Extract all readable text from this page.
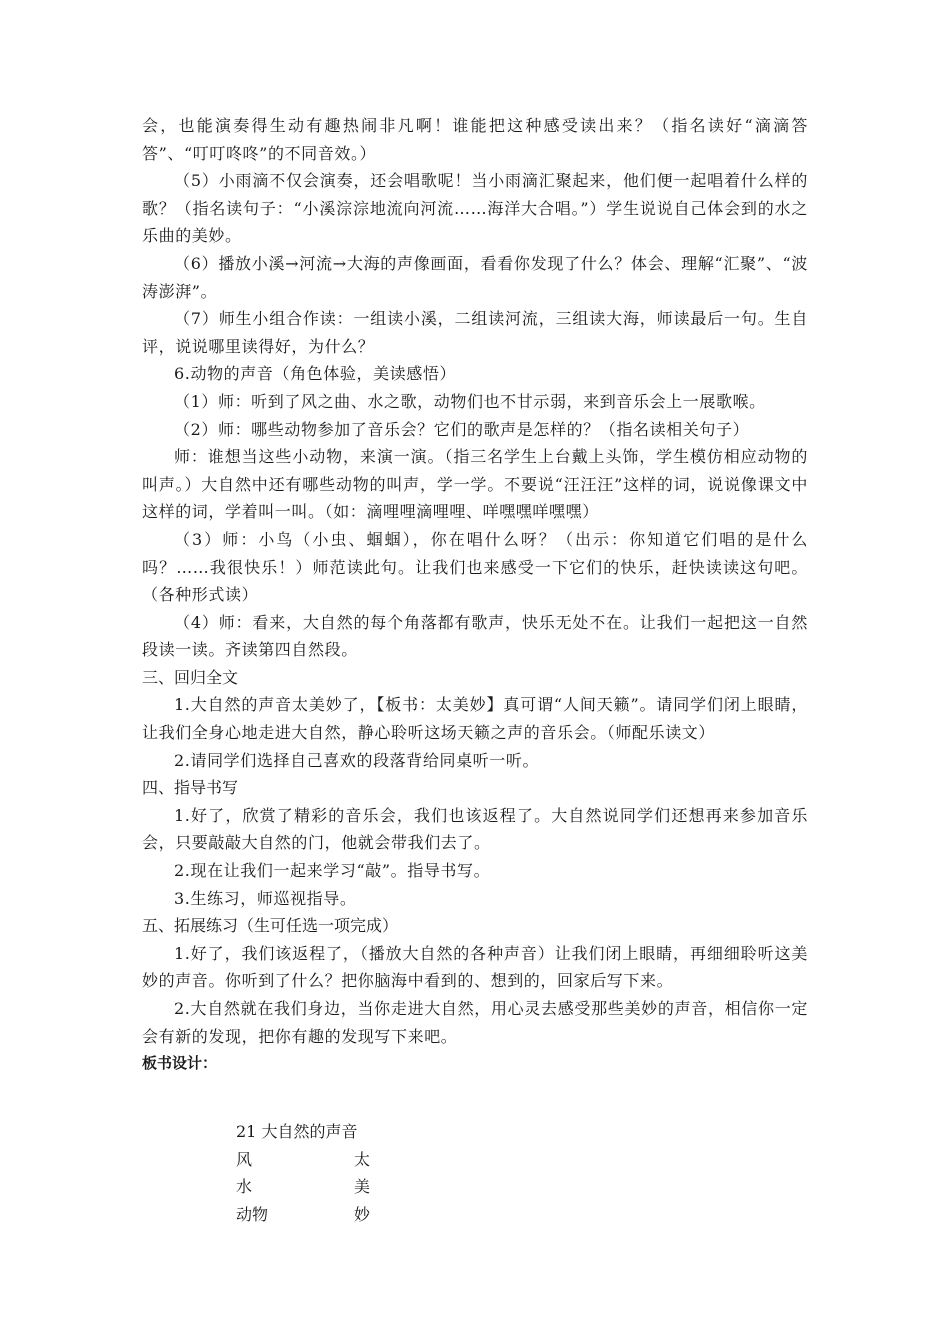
会，也能演奏得生动有趣热闹非凡啊！谁能把这种感受读出来？（指名读好“滴滴答答”、“叮叮咚咚”的不同音效。）

（5）小雨滴不仅会演奏，还会唱歌呢！当小雨滴汇聚起来，他们便一起唱着什么样的歌？（指名读句子：“小溪淙淙地流向河流……海洋大合唱。”）学生说说自己体会到的水之乐曲的美妙。

（6）播放小溪→河流→大海的声像画面，看看你发现了什么？体会、理解“汇聚”、“波涛澎湃”。

（7）师生小组合作读：一组读小溪，二组读河流，三组读大海，师读最后一句。生自评，说说哪里读得好，为什么？

6.动物的声音（角色体验，美读感悟）

（1）师：听到了风之曲、水之歌，动物们也不甘示弱，来到音乐会上一展歌喉。

（2）师：哪些动物参加了音乐会？它们的歌声是怎样的？（指名读相关句子）

师：谁想当这些小动物，来演一演。（指三名学生上台戴上头饰，学生模仿相应动物的叫声。）大自然中还有哪些动物的叫声，学一学。不要说“汪汪汪”这样的词，说说像课文中这样的词，学着叫一叫。（如：滴哩哩滴哩哩、咩嘿嘿咩嘿嘿）

（3）师：小鸟（小虫、蝈蝈），你在唱什么呀？（出示：你知道它们唱的是什么吗？……我很快乐！）师范读此句。让我们也来感受一下它们的快乐，赶快读读这句吧。（各种形式读）

（4）师：看来，大自然的每个角落都有歌声，快乐无处不在。让我们一起把这一自然段读一读。齐读第四自然段。

三、回归全文

1.大自然的声音太美妙了，【板书：太美妙】真可谓“人间天籁”。请同学们闭上眼睛，让我们全身心地走进大自然，静心聆听这场天籁之声的音乐会。（师配乐读文）

2.请同学们选择自己喜欢的段落背给同桌听一听。

四、指导书写

1.好了，欣赏了精彩的音乐会，我们也该返程了。大自然说同学们还想再来参加音乐会，只要敲敲大自然的门，他就会带我们去了。

2.现在让我们一起来学习“敲”。指导书写。

3.生练习，师巡视指导。

五、拓展练习（生可任选一项完成）

1.好了，我们该返程了，（播放大自然的各种声音）让我们闭上眼睛，再细细聆听这美妙的声音。你听到了什么？把你脑海中看到的、想到的，回家后写下来。

2.大自然就在我们身边，当你走进大自然，用心灵去感受那些美妙的声音，相信你一定会有新的发现，把你有趣的发现写下来吧。

板书设计：

21 大自然的声音
风	太
水	美
动物	妙
